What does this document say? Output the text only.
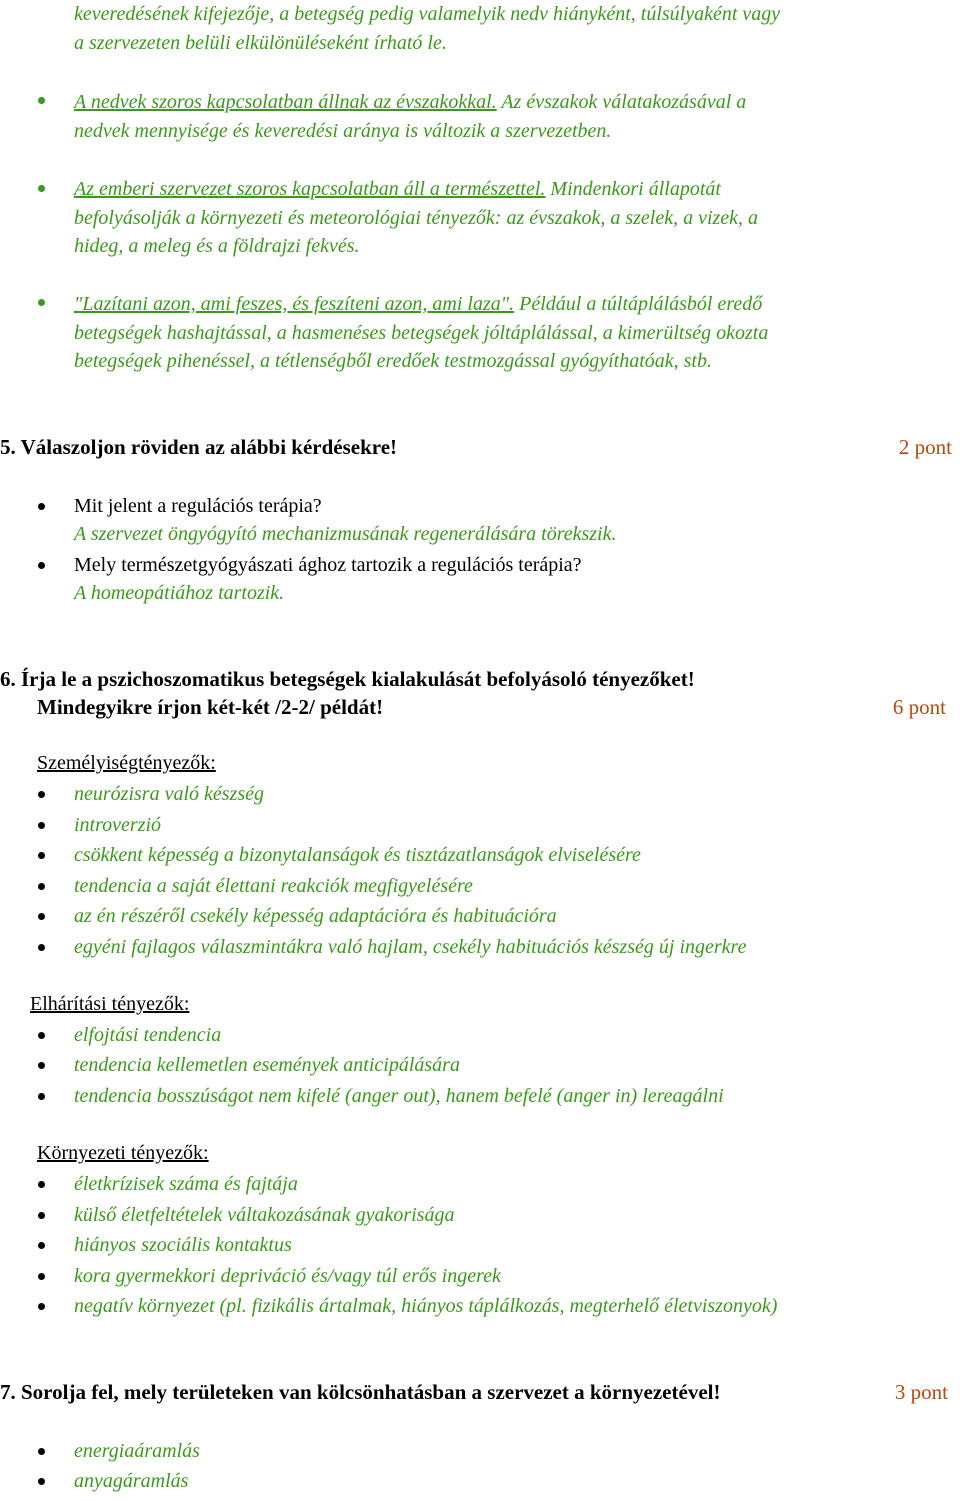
keveredésének kifejezője, a betegség pedig valamelyik nedv hiányként, túlsúlyaként vagy
a szervezeten belüli elkülönüléseként írható le.
A nedvek szoros kapcsolatban állnak az évszakokkal. Az évszakok válatakozásával a
nedvek mennyisége és keveredési aránya is változik a szervezetben.
Az emberi szervezet szoros kapcsolatban áll a természettel. Mindenkori állapotát
befolyásolják a környezeti és meteorológiai tényezők: az évszakok, a szelek, a vizek, a
hideg, a meleg és a földrajzi fekvés.
"Lazítani azon, ami feszes, és feszíteni azon, ami laza". Például a túltáplálásból eredő
betegségek hashajtással, a hasmenéses betegségek jóltáplálással, a kimerültség okozta
betegségek pihenéssel, a tétlenségből eredőek testmozgással gyógyíthatóak, stb.
5. Válaszoljon röviden az alábbi kérdésekre!	2 pont
Mit jelent a regulációs terápia?
A szervezet öngyógyító mechanizmusának regenerálására törekszik.
Mely természetgyógyászati ághoz tartozik a regulációs terápia?
A homeopátiához tartozik.
6. Írja le a pszichoszomatikus betegségek kialakulását befolyásoló tényezőket!
Mindegyikre írjon két-két /2-2/ példát!	6 pont
Személyiségtényezők:
neurózisra való készség
introverzió
csökkent képesség a bizonytalanságok és tisztázatlanságok elviselésére
tendencia a saját élettani reakciók megfigyelésére
az én részéről csekély képesség adaptációra és habituációra
egyéni fajlagos válaszmintákra való hajlam, csekély habituációs készség új ingerkre
Elhárítási tényezők:
elfojtási tendencia
tendencia kellemetlen események anticipálására
tendencia bosszúságot nem kifelé (anger out), hanem befelé (anger in) lereagálni
Környezeti tényezők:
életkrízisek száma és fajtája
külső életfeltételek váltakozásának gyakorisága
hiányos szociális kontaktus
kora gyermekkori depriváció és/vagy túl erős ingerek
negatív környezet (pl. fizikális ártalmak, hiányos táplálkozás, megterhelő életviszonyok)
7. Sorolja fel, mely területeken van kölcsönhatásban a szervezet a környezetével!	3 pont
energiaáramlás
anyagáramlás
